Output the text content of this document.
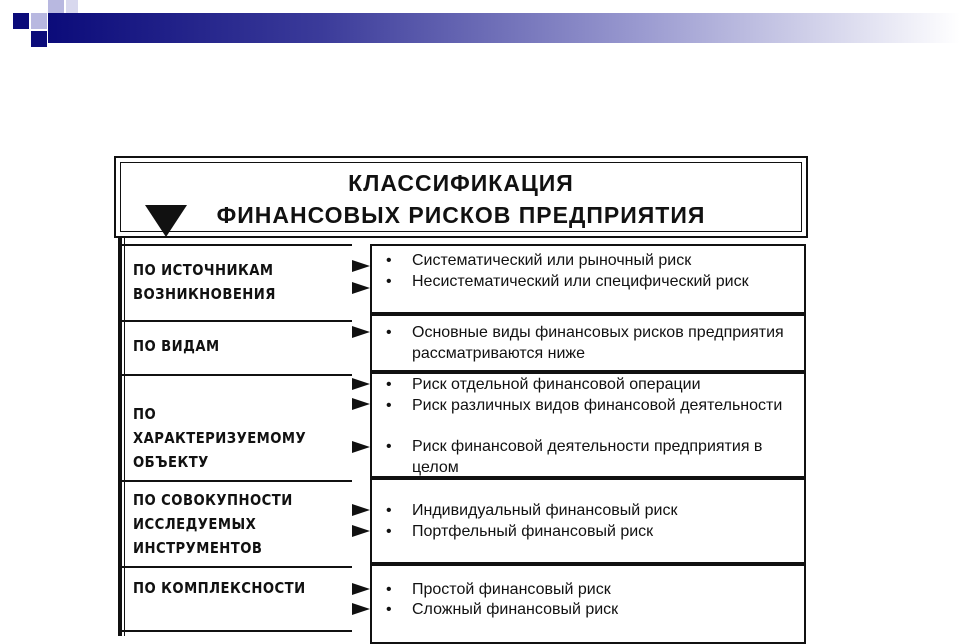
КЛАССИФИКАЦИЯ
ФИНАНСОВЫХ РИСКОВ ПРЕДПРИЯТИЯ
ПО ИСТОЧНИКАМ ВОЗНИКНОВЕНИЯ
•	Систематический или рыночный риск
•	Несистематический или специфический риск
ПО ВИДАМ
•	Основные виды финансовых рисков предприятия рассматриваются ниже
ПО ХАРАКТЕРИЗУЕМОМУ ОБЪЕКТУ
•	Риск отдельной финансовой операции
•	Риск различных видов финансовой деятельности
•	Риск финансовой деятельности предприятия в целом
ПО СОВОКУПНОСТИ ИССЛЕДУЕМЫХ ИНСТРУМЕНТОВ
•	Индивидуальный финансовый риск
•	Портфельный финансовый риск
ПО КОМПЛЕКСНОСТИ	•	Простой финансовый риск
•	Сложный финансовый риск
